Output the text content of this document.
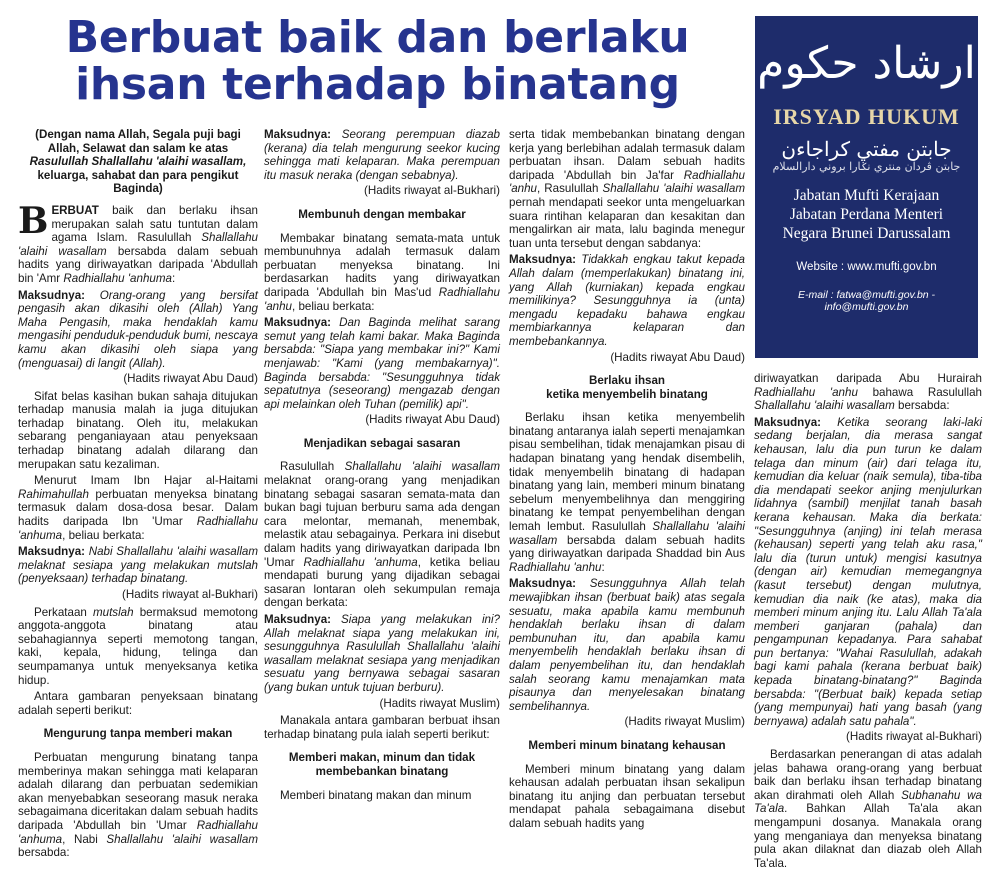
Berbuat baik dan berlaku
ihsan terhadap binatang	ارشاد حکوم
IRSYAD HUKUM
جابتن مفتي کراجاءن
جابتن ڤردان منتري نݢارا بروني دارالسلام
Jabatan Mufti Kerajaan
Jabatan Perdana Menteri
Negara Brunei Darussalam
Website : www.mufti.gov.bn
E-mail : fatwa@mufti.gov.bn - info@mufti.gov.bn
(Dengan nama Allah, Segala puji bagi Allah, Selawat dan salam ke atas Rasulullah Shallallahu 'alaihi wasallam, keluarga, sahabat dan para pengikut Baginda)

BERBUAT baik dan berlaku ihsan merupakan salah satu tuntutan dalam agama Islam. Rasulullah Shallallahu 'alaihi wasallam bersabda dalam sebuah hadits yang diriwayatkan daripada 'Abdullah bin 'Amr Radhiallahu 'anhuma:

Maksudnya: Orang-orang yang bersifat pengasih akan dikasihi oleh (Allah) Yang Maha Pengasih, maka hendaklah kamu mengasihi penduduk-penduduk bumi, nescaya kamu akan dikasihi oleh siapa yang (menguasai) di langit (Allah).

(Hadits riwayat Abu Daud)

Sifat belas kasihan bukan sahaja ditujukan terhadap manusia malah ia juga ditujukan terhadap binatang. Oleh itu, melakukan sebarang penganiayaan atau penyeksaan terhadap binatang adalah dilarang dan merupakan satu kezaliman.

Menurut Imam Ibn Hajar al-Haitami Rahimahullah perbuatan menyeksa binatang termasuk dalam dosa-dosa besar. Dalam hadits daripada Ibn 'Umar Radhiallahu 'anhuma, beliau berkata:

Maksudnya: Nabi Shallallahu 'alaihi wasallam melaknat sesiapa yang melakukan mutslah (penyeksaan) terhadap binatang.

(Hadits riwayat al-Bukhari)

Perkataan mutslah bermaksud memotong anggota-anggota binatang atau sebahagiannya seperti memotong tangan, kaki, kepala, hidung, telinga dan seumpamanya untuk menyeksanya ketika hidup.

Antara gambaran penyeksaan binatang adalah seperti berikut:

Mengurung tanpa memberi makan

Perbuatan mengurung binatang tanpa memberinya makan sehingga mati kelaparan adalah dilarang dan perbuatan sedemikian akan menyebabkan seseorang masuk neraka sebagaimana diceritakan dalam sebuah hadits daripada 'Abdullah bin 'Umar Radhiallahu 'anhuma, Nabi Shallallahu 'alaihi wasallam bersabda:

Maksudnya: Seorang perempuan diazab (kerana) dia telah mengurung seekor kucing sehingga mati kelaparan. Maka perempuan itu masuk neraka (dengan sebabnya).

(Hadits riwayat al-Bukhari)

Membunuh dengan membakar

Membakar binatang semata-mata untuk membunuhnya adalah termasuk dalam perbuatan menyeksa binatang. Ini berdasarkan hadits yang diriwayatkan daripada 'Abdullah bin Mas'ud Radhiallahu 'anhu, beliau berkata:

Maksudnya: Dan Baginda melihat sarang semut yang telah kami bakar. Maka Baginda bersabda: "Siapa yang membakar ini?" Kami menjawab: "Kami (yang membakarnya)". Baginda bersabda: "Sesungguhnya tidak sepatutnya (seseorang) mengazab dengan api melainkan oleh Tuhan (pemilik) api".

(Hadits riwayat Abu Daud)

Menjadikan sebagai sasaran

Rasulullah Shallallahu 'alaihi wasallam melaknat orang-orang yang menjadikan binatang sebagai sasaran semata-mata dan bukan bagi tujuan berburu sama ada dengan cara melontar, memanah, menembak, melastik atau sebagainya. Perkara ini disebut dalam hadits yang diriwayatkan daripada Ibn 'Umar Radhiallahu 'anhuma, ketika beliau mendapati burung yang dijadikan sebagai sasaran lontaran oleh sekumpulan remaja dengan berkata:

Maksudnya: Siapa yang melakukan ini? Allah melaknat siapa yang melakukan ini, sesungguhnya Rasulullah Shallallahu 'alaihi wasallam melaknat sesiapa yang menjadikan sesuatu yang bernyawa sebagai sasaran (yang bukan untuk tujuan berburu).

(Hadits riwayat Muslim)

Manakala antara gambaran berbuat ihsan terhadap binatang pula ialah seperti berikut:

Memberi makan, minum dan tidak
membebankan binatang

Memberi binatang makan dan minum

serta tidak membebankan binatang dengan kerja yang berlebihan adalah termasuk dalam perbuatan ihsan. Dalam sebuah hadits daripada 'Abdullah bin Ja'far Radhiallahu 'anhu, Rasulullah Shallallahu 'alaihi wasallam pernah mendapati seekor unta mengeluarkan suara rintihan kelaparan dan kesakitan dan mengalirkan air mata, lalu baginda menegur tuan unta tersebut dengan sabdanya:

Maksudnya: Tidakkah engkau takut kepada Allah dalam (memperlakukan) binatang ini, yang Allah (kurniakan) kepada engkau memilikinya? Sesungguhnya ia (unta) mengadu kepadaku bahawa engkau membiarkannya kelaparan dan membebankannya.

(Hadits riwayat Abu Daud)

Berlaku ihsan
ketika menyembelih binatang

Berlaku ihsan ketika menyembelih binatang antaranya ialah seperti menajamkan pisau sembelihan, tidak menajamkan pisau di hadapan binatang yang hendak disembelih, tidak menyembelih binatang di hadapan binatang yang lain, memberi minum binatang sebelum menyembelihnya dan menggiring binatang ke tempat penyembelihan dengan lemah lembut. Rasulullah Shallallahu 'alaihi wasallam bersabda dalam sebuah hadits yang diriwayatkan daripada Shaddad bin Aus Radhiallahu 'anhu:

Maksudnya: Sesungguhnya Allah telah mewajibkan ihsan (berbuat baik) atas segala sesuatu, maka apabila kamu membunuh hendaklah berlaku ihsan di dalam pembunuhan itu, dan apabila kamu menyembelih hendaklah berlaku ihsan di dalam penyembelihan itu, dan hendaklah salah seorang kamu menajamkan mata pisaunya dan menyelesakan binatang sembelihannya.

(Hadits riwayat Muslim)

Memberi minum binatang kehausan

Memberi minum binatang yang dalam kehausan adalah perbuatan ihsan sekalipun binatang itu anjing dan perbuatan tersebut mendapat pahala sebagaimana disebut dalam sebuah hadits yang

diriwayatkan daripada Abu Hurairah Radhiallahu 'anhu bahawa Rasulullah Shallallahu 'alaihi wasallam bersabda:

Maksudnya: Ketika seorang laki-laki sedang berjalan, dia merasa sangat kehausan, lalu dia pun turun ke dalam telaga dan minum (air) dari telaga itu, kemudian dia keluar (naik semula), tiba-tiba dia mendapati seekor anjing menjulurkan lidahnya (sambil) menjilat tanah basah kerana kehausan. Maka dia berkata: "Sesungguhnya (anjing) ini telah merasa (kehausan) seperti yang telah aku rasa," lalu dia (turun untuk) mengisi kasutnya (dengan air) kemudian memegangnya (kasut tersebut) dengan mulutnya, kemudian dia naik (ke atas), maka dia memberi minum anjing itu. Lalu Allah Ta'ala memberi ganjaran (pahala) dan pengampunan kepadanya. Para sahabat pun bertanya: "Wahai Rasulullah, adakah bagi kami pahala (kerana berbuat baik) kepada binatang-binatang?" Baginda bersabda: "(Berbuat baik) kepada setiap (yang mempunyai) hati yang basah (yang bernyawa) adalah satu pahala".

(Hadits riwayat al-Bukhari)

Berdasarkan penerangan di atas adalah jelas bahawa orang-orang yang berbuat baik dan berlaku ihsan terhadap binatang akan dirahmati oleh Allah Subhanahu wa Ta'ala. Bahkan Allah Ta'ala akan mengampuni dosanya. Manakala orang yang menganiaya dan menyeksa binatang pula akan dilaknat dan diazab oleh Allah Ta'ala.
